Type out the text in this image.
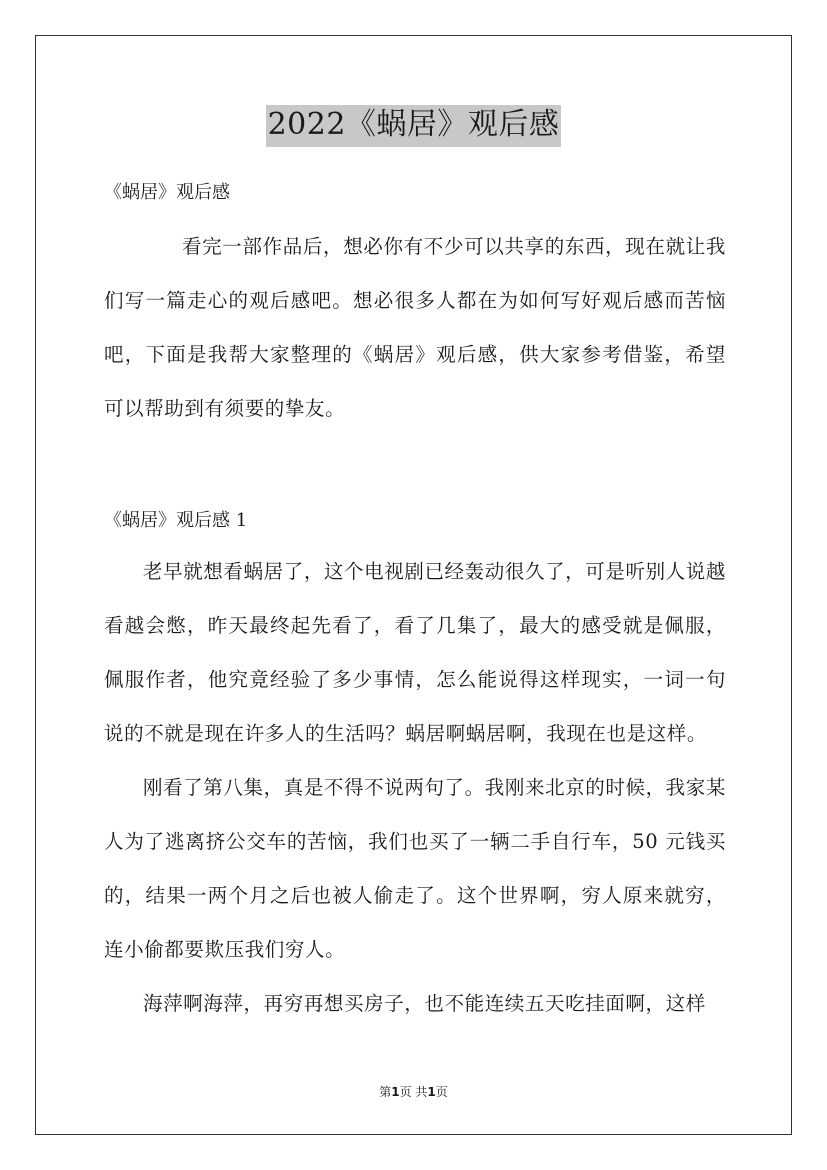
2022《蜗居》观后感

《蜗居》观后感

看完一部作品后，想必你有不少可以共享的东西，现在就让我们写一篇走心的观后感吧。想必很多人都在为如何写好观后感而苦恼吧，下面是我帮大家整理的《蜗居》观后感，供大家参考借鉴，希望可以帮助到有须要的挚友。

《蜗居》观后感 1

老早就想看蜗居了，这个电视剧已经轰动很久了，可是听别人说越看越会憋，昨天最终起先看了，看了几集了，最大的感受就是佩服，佩服作者，他究竟经验了多少事情，怎么能说得这样现实，一词一句说的不就是现在许多人的生活吗？蜗居啊蜗居啊，我现在也是这样。

刚看了第八集，真是不得不说两句了。我刚来北京的时候，我家某人为了逃离挤公交车的苦恼，我们也买了一辆二手自行车，50 元钱买的，结果一两个月之后也被人偷走了。这个世界啊，穷人原来就穷，连小偷都要欺压我们穷人。

海萍啊海萍，再穷再想买房子，也不能连续五天吃挂面啊，这样

第1页 共1页
